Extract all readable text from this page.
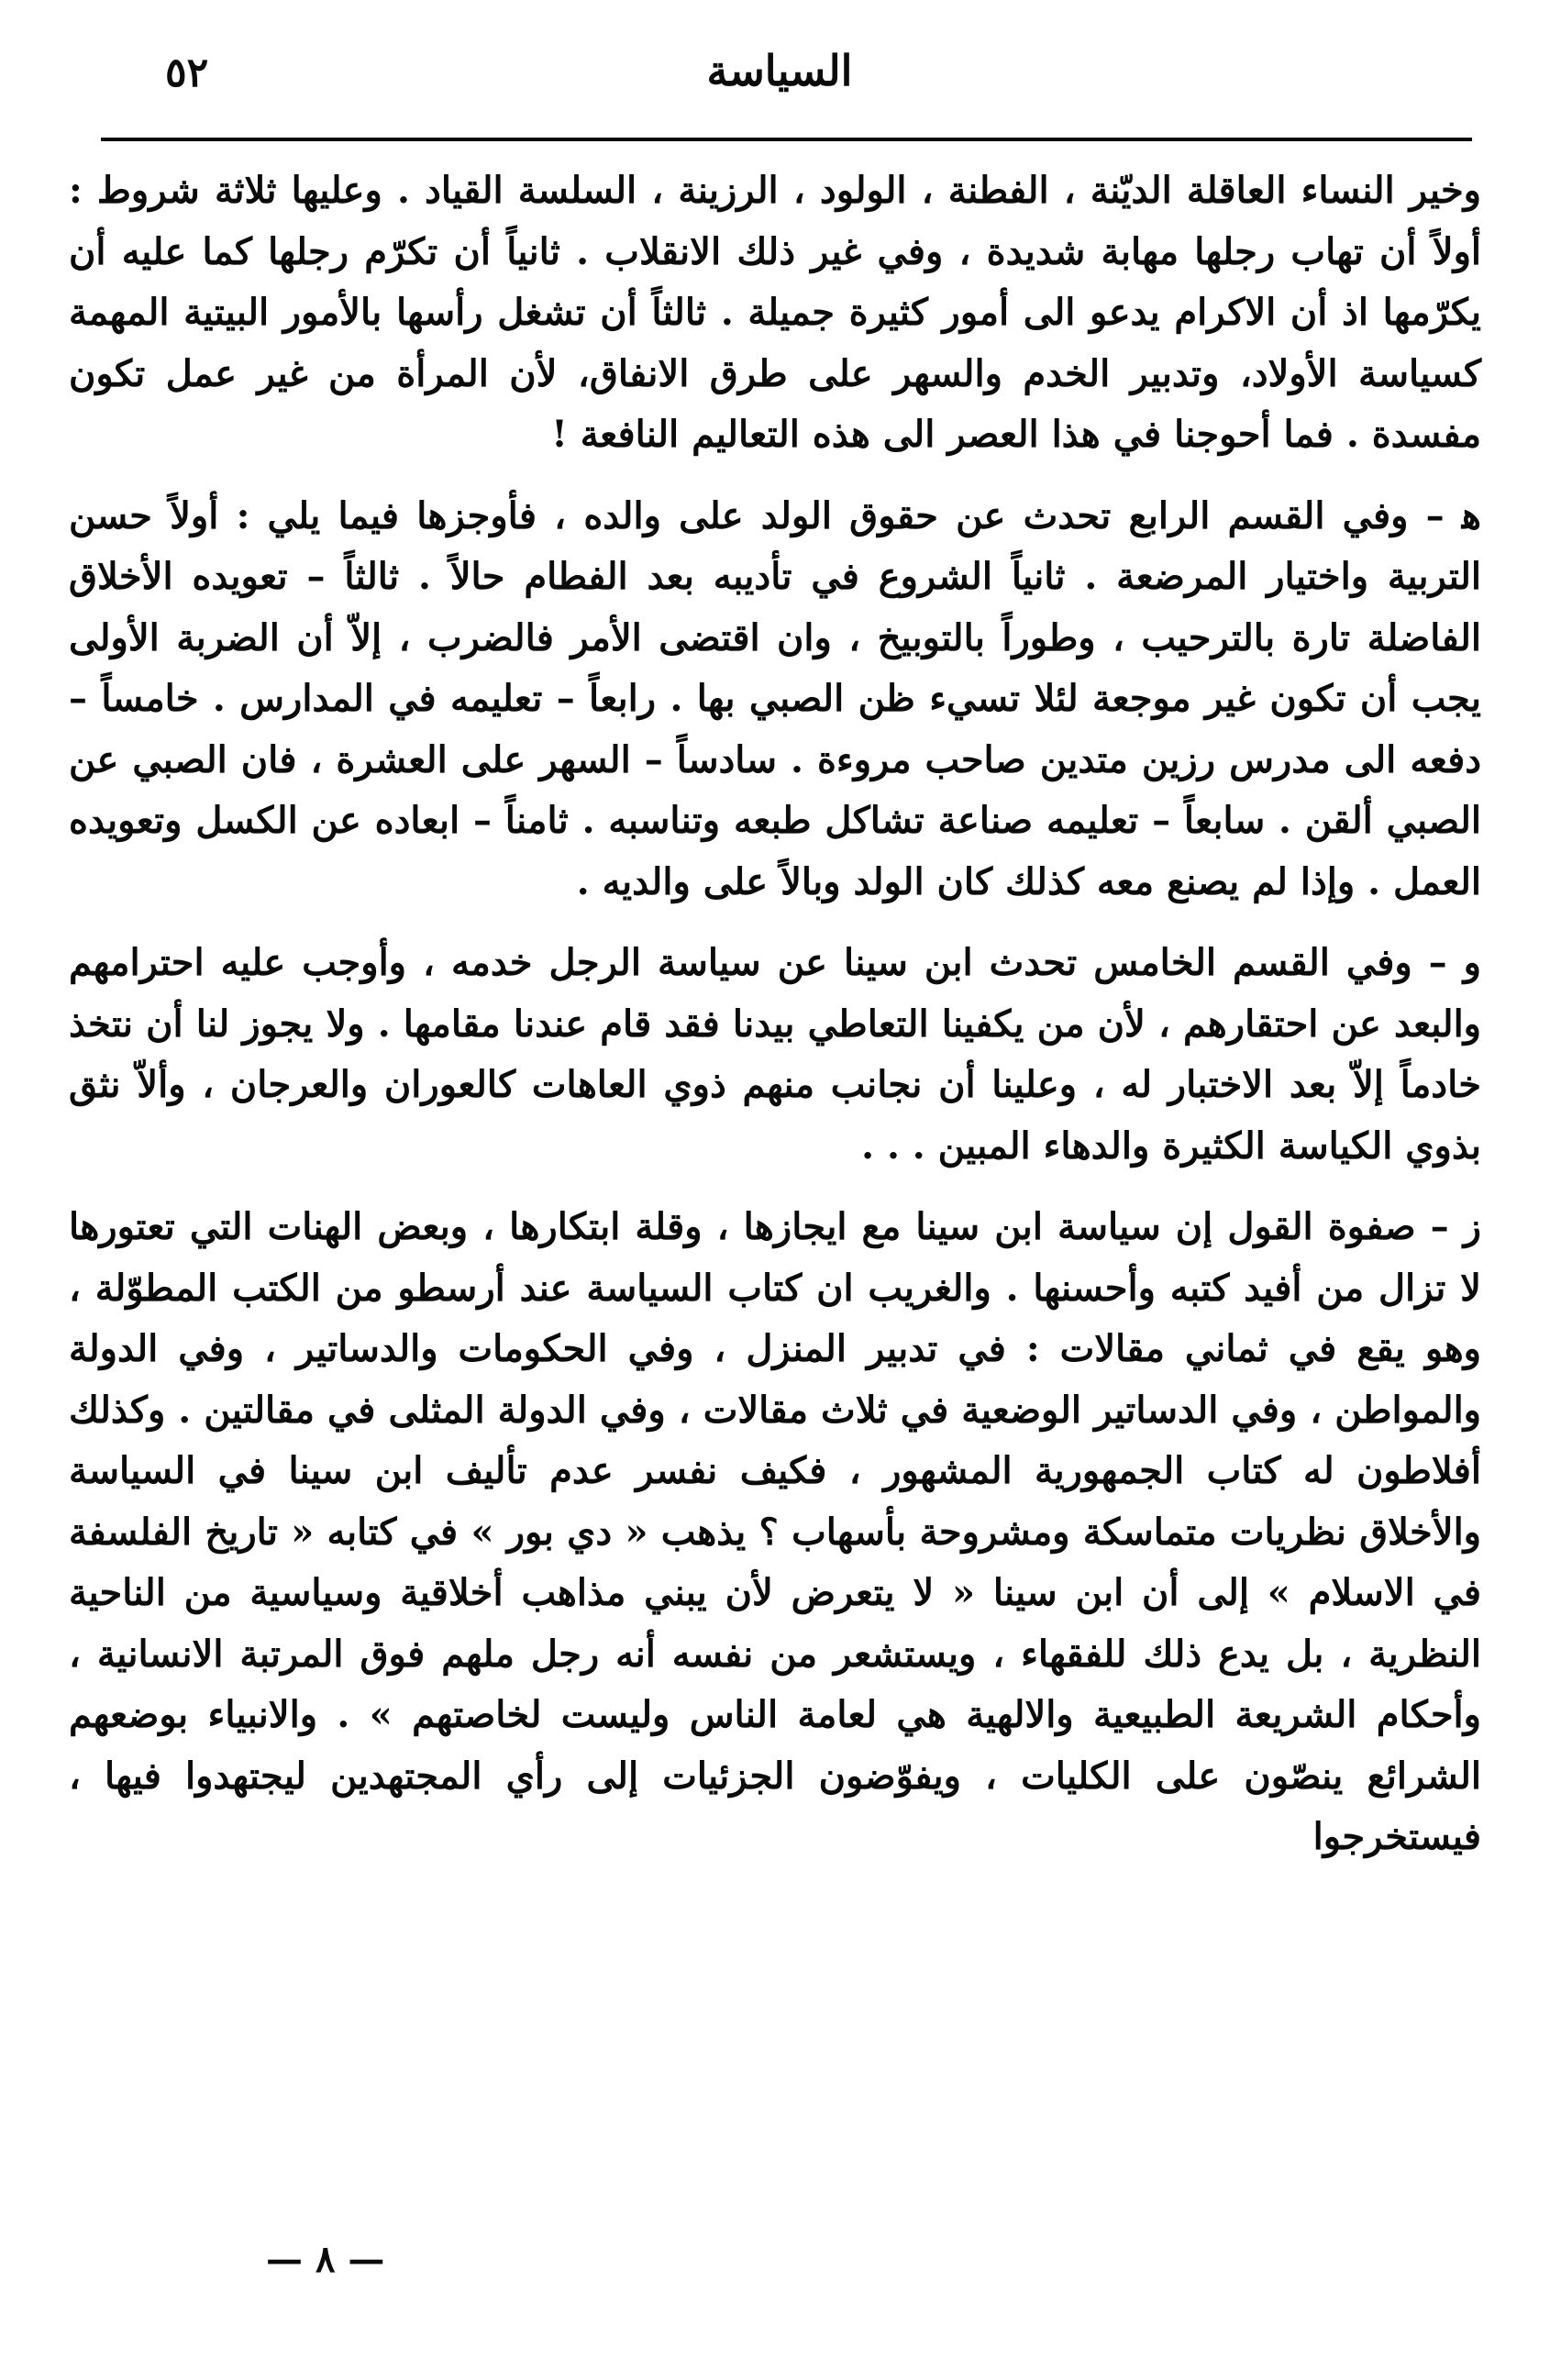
٥٢	السياسة

وخير النساء العاقلة الديّنة ، الفطنة ، الولود ، الرزينة ، السلسة القياد . وعليها ثلاثة شروط : أولاً أن تهاب رجلها مهابة شديدة ، وفي غير ذلك الانقلاب . ثانياً أن تكرّم رجلها كما عليه أن يكرّمها اذ أن الاكرام يدعو الى أمور كثيرة جميلة . ثالثاً أن تشغل رأسها بالأمور البيتية المهمة كسياسة الأولاد، وتدبير الخدم والسهر على طرق الانفاق، لأن المرأة من غير عمل تكون مفسدة . فما أحوجنا في هذا العصر الى هذه التعاليم النافعة !

ﻫ – وفي القسم الرابع تحدث عن حقوق الولد على والده ، فأوجزها فيما يلي : أولاً حسن التربية واختيار المرضعة . ثانياً الشروع في تأديبه بعد الفطام حالاً . ثالثاً – تعويده الأخلاق الفاضلة تارة بالترحيب ، وطوراً بالتوبيخ ، وان اقتضى الأمر فالضرب ، إلاّ أن الضربة الأولى يجب أن تكون غير موجعة لئلا تسيء ظن الصبي بها . رابعاً – تعليمه في المدارس . خامساً – دفعه الى مدرس رزين متدين صاحب مروءة . سادساً – السهر على العشرة ، فان الصبي عن الصبي ألقن . سابعاً – تعليمه صناعة تشاكل طبعه وتناسبه . ثامناً – ابعاده عن الكسل وتعويده العمل . وإذا لم يصنع معه كذلك كان الولد وبالاً على والديه .

و – وفي القسم الخامس تحدث ابن سينا عن سياسة الرجل خدمه ، وأوجب عليه احترامهم والبعد عن احتقارهم ، لأن من يكفينا التعاطي بيدنا فقد قام عندنا مقامها . ولا يجوز لنا أن نتخذ خادماً إلاّ بعد الاختبار له ، وعلينا أن نجانب منهم ذوي العاهات كالعوران والعرجان ، وألاّ نثق بذوي الكياسة الكثيرة والدهاء المبين . . .

ز – صفوة القول إن سياسة ابن سينا مع ايجازها ، وقلة ابتكارها ، وبعض الهنات التي تعتورها لا تزال من أفيد كتبه وأحسنها . والغريب ان كتاب السياسة عند أرسطو من الكتب المطوّلة ، وهو يقع في ثماني مقالات : في تدبير المنزل ، وفي الحكومات والدساتير ، وفي الدولة والمواطن ، وفي الدساتير الوضعية في ثلاث مقالات ، وفي الدولة المثلى في مقالتين . وكذلك أفلاطون له كتاب الجمهورية المشهور ، فكيف نفسر عدم تأليف ابن سينا في السياسة والأخلاق نظريات متماسكة ومشروحة بأسهاب ؟ يذهب « دي بور » في كتابه « تاريخ الفلسفة في الاسلام » إلى أن ابن سينا « لا يتعرض لأن يبني مذاهب أخلاقية وسياسية من الناحية النظرية ، بل يدع ذلك للفقهاء ، ويستشعر من نفسه أنه رجل ملهم فوق المرتبة الانسانية ، وأحكام الشريعة الطبيعية والالهية هي لعامة الناس وليست لخاصتهم » . والانبياء بوضعهم الشرائع ينصّون على الكليات ، ويفوّضون الجزئيات إلى رأي المجتهدين ليجتهدوا فيها ، فيستخرجوا

— ٨ —
